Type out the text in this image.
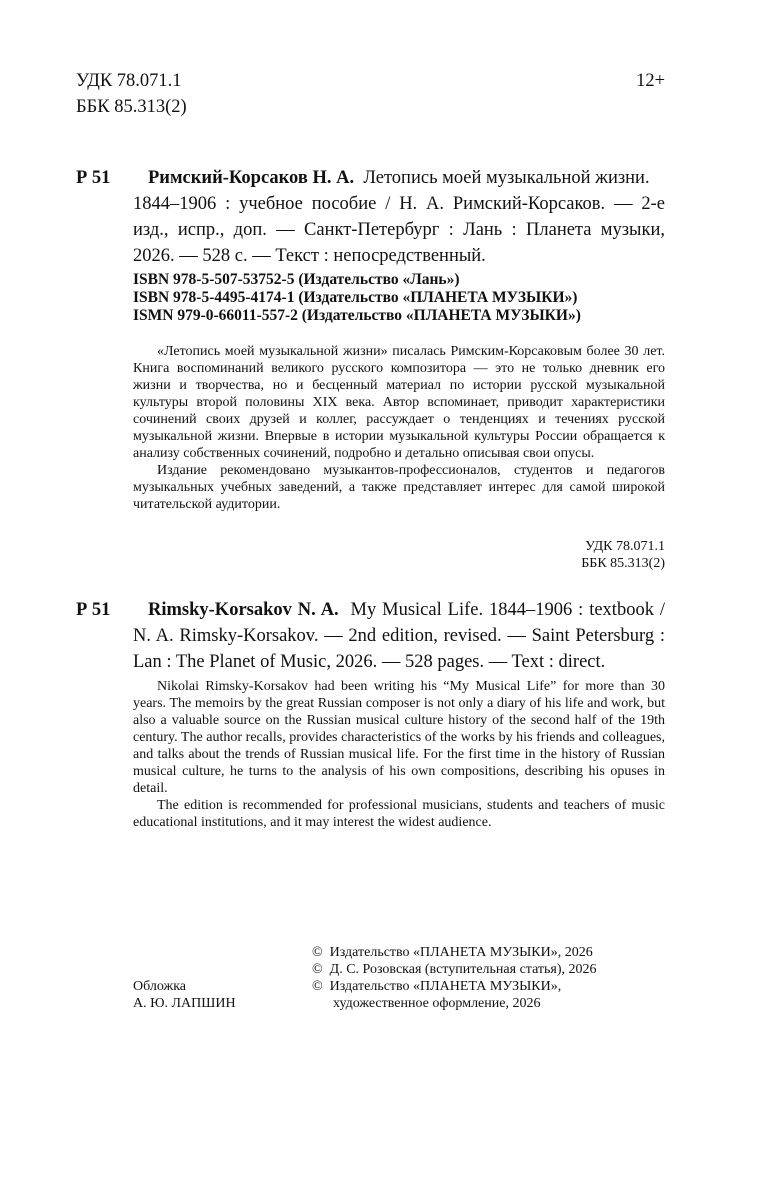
УДК 78.071.1
ББК 85.313(2)
12+
Р 51 Римский-Корсаков Н. А. Летопись моей музыкальной жизни.
1844–1906 : учебное пособие / Н. А. Римский-Корсаков. — 2-е
изд., испр., доп. — Санкт-Петербург : Лань : Планета музыки,
2026. — 528 с. — Текст : непосредственный.
ISBN 978-5-507-53752-5 (Издательство «Лань»)
ISBN 978-5-4495-4174-1 (Издательство «ПЛАНЕТА МУЗЫКИ»)
ISMN 979-0-66011-557-2 (Издательство «ПЛАНЕТА МУЗЫКИ»)
«Летопись моей музыкальной жизни» писалась Римским-Корсаковым более 30 лет. Книга воспоминаний великого русского композитора — это не только дневник его жизни и творчества, но и бесценный материал по истории русской музыкальной культуры второй половины XIX века. Автор вспоминает, приводит характеристики сочинений своих друзей и коллег, рассуждает о тенденциях и течениях русской музыкальной жизни. Впервые в истории музыкальной культуры России обращается к анализу собственных сочинений, подробно и детально описывая свои опусы.
Издание рекомендовано музыкантов-профессионалов, студентов и педагогов музыкальных учебных заведений, а также представляет интерес для самой широкой читательской аудитории.
УДК 78.071.1
ББК 85.313(2)
Р 51 Rimsky-Korsakov N. A. My Musical Life. 1844–1906 : textbook /
N. A. Rimsky-Korsakov. — 2nd edition, revised. — Saint Petersburg :
Lan : The Planet of Music, 2026. — 528 pages. — Text : direct.
Nikolai Rimsky-Korsakov had been writing his “My Musical Life” for more than 30 years. The memoirs by the great Russian composer is not only a diary of his life and work, but also a valuable source on the Russian musical culture history of the second half of the 19th century. The author recalls, provides characteristics of the works by his friends and colleagues, and talks about the trends of Russian musical life. For the first time in the history of Russian musical culture, he turns to the analysis of his own compositions, describing his opuses in detail.
The edition is recommended for professional musicians, students and teachers of music educational institutions, and it may interest the widest audience.
Обложка
А. Ю. ЛАПШИН
© Издательство «ПЛАНЕТА МУЗЫКИ», 2026
© Д. С. Розовская (вступительная статья), 2026
© Издательство «ПЛАНЕТА МУЗЫКИ»,
художественное оформление, 2026
